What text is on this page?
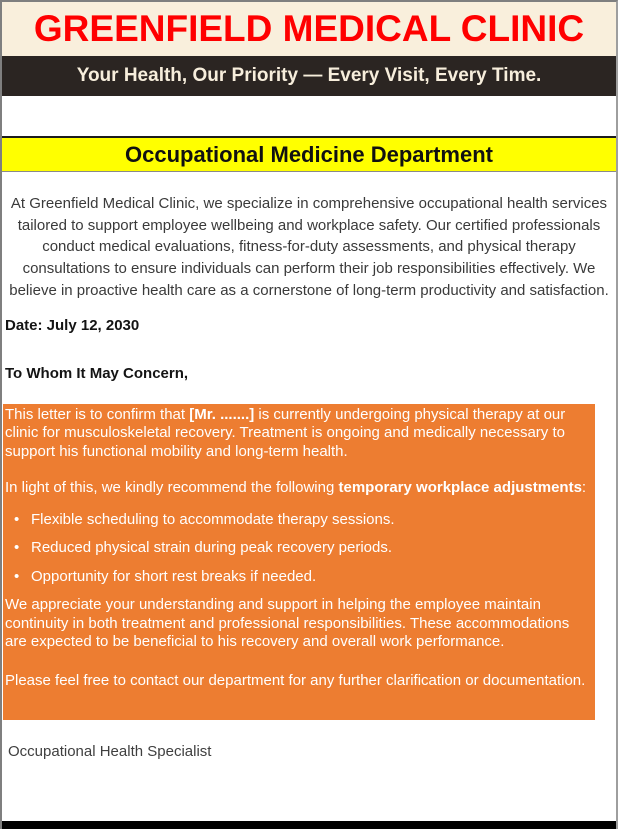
GREENFIELD MEDICAL CLINIC
Your Health, Our Priority — Every Visit, Every Time.
Occupational Medicine Department

At Greenfield Medical Clinic, we specialize in comprehensive occupational health services tailored to support employee wellbeing and workplace safety. Our certified professionals conduct medical evaluations, fitness-for-duty assessments, and physical therapy consultations to ensure individuals can perform their job responsibilities effectively. We believe in proactive health care as a cornerstone of long-term productivity and satisfaction.

Date: July 12, 2030

To Whom It May Concern,

This letter is to confirm that [Mr. .......] is currently undergoing physical therapy at our clinic for musculoskeletal recovery. Treatment is ongoing and medically necessary to support his functional mobility and long-term health.

In light of this, we kindly recommend the following temporary workplace adjustments:

• Flexible scheduling to accommodate therapy sessions.
• Reduced physical strain during peak recovery periods.
• Opportunity for short rest breaks if needed.

We appreciate your understanding and support in helping the employee maintain continuity in both treatment and professional responsibilities. These accommodations are expected to be beneficial to his recovery and overall work performance.

Please feel free to contact our department for any further clarification or documentation.

Occupational Health Specialist
